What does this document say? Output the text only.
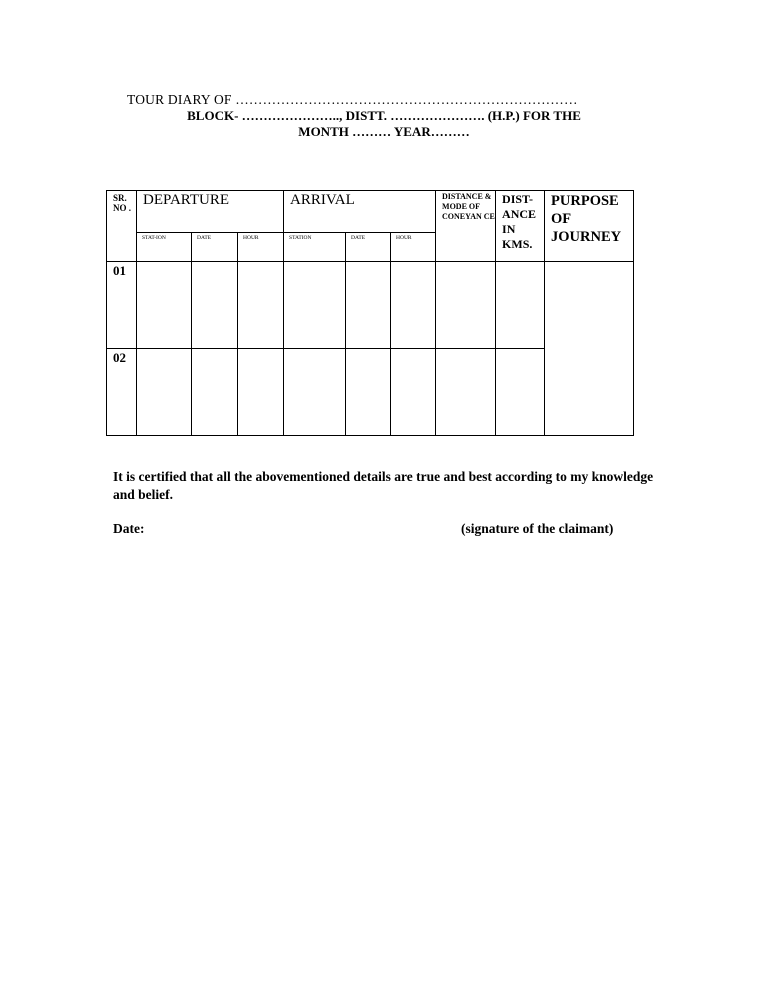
TOUR DIARY OF …………………………………………………………………
BLOCK- ………………….., DISTT. …………………. (H.P.) FOR THE
MONTH ……… YEAR………
SR. NO .	DEPARTURE			ARRIVAL			DISTANCE & MODE OF CONEYAN CE	DIST- ANCE IN KMS.	PURPOSE OF JOURNEY
	STAT-ION	DATE	HOUR	STATION	DATE	HOUR			
01									
02									
It is certified that all the abovementioned details are true and best according to my knowledge and belief.
Date:	(signature of the claimant)
